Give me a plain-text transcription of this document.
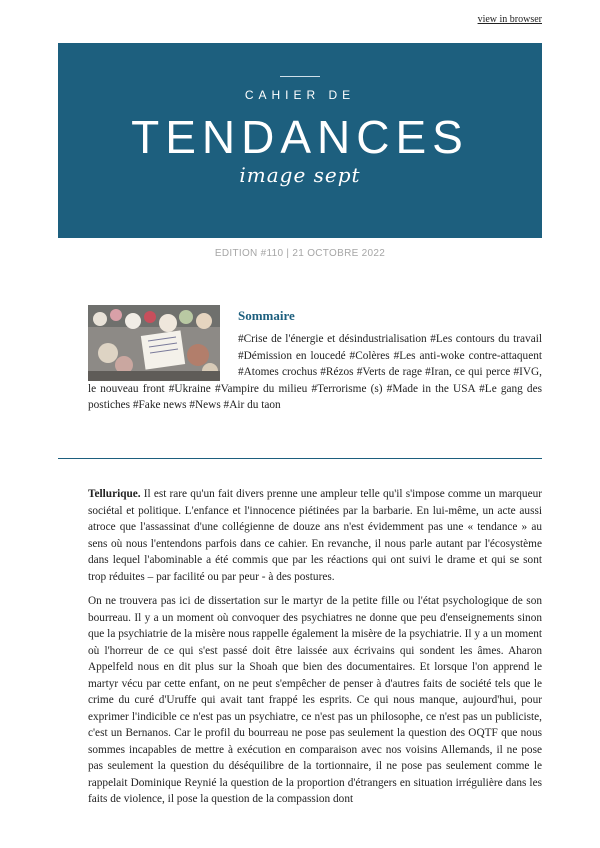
view in browser
CAHIER DE
TENDANCES
image sept
EDITION #110 | 21 OCTOBRE 2022
Sommaire
#Crise de l'énergie et désindustrialisation #Les contours du travail #Démission en loucedé #Colères #Les anti-woke contre-attaquent #Atomes crochus #Rézos #Verts de rage #Iran, ce qui perce #IVG, le nouveau front #Ukraine #Vampire du milieu #Terrorisme (s) #Made in the USA #Le gang des postiches #Fake news #News #Air du taon

Tellurique. Il est rare qu'un fait divers prenne une ampleur telle qu'il s'impose comme un marqueur sociétal et politique. L'enfance et l'innocence piétinées par la barbarie. En lui-même, un acte aussi atroce que l'assassinat d'une collégienne de douze ans n'est évidemment pas une « tendance » au sens où nous l'entendons parfois dans ce cahier. En revanche, il nous parle autant par l'écosystème dans lequel l'abominable a été commis que par les réactions qui ont suivi le drame et qui se sont trop réduites – par facilité ou par peur - à des postures.

On ne trouvera pas ici de dissertation sur le martyr de la petite fille ou l'état psychologique de son bourreau. Il y a un moment où convoquer des psychiatres ne donne que peu d'enseignements sinon que la psychiatrie de la misère nous rappelle également la misère de la psychiatrie. Il y a un moment où l'horreur de ce qui s'est passé doit être laissée aux écrivains qui sondent les âmes. Aharon Appelfeld nous en dit plus sur la Shoah que bien des documentaires. Et lorsque l'on apprend le martyr vécu par cette enfant, on ne peut s'empêcher de penser à d'autres faits de société tels que le crime du curé d'Uruffe qui avait tant frappé les esprits. Ce qui nous manque, aujourd'hui, pour exprimer l'indicible ce n'est pas un psychiatre, ce n'est pas un philosophe, ce n'est pas un publiciste, c'est un Bernanos. Car le profil du bourreau ne pose pas seulement la question des OQTF que nous sommes incapables de mettre à exécution en comparaison avec nos voisins Allemands, il ne pose pas seulement la question du déséquilibre de la tortionnaire, il ne pose pas seulement comme le rappelait Dominique Reynié la question de la proportion d'étrangers en situation irrégulière dans les faits de violence, il pose la question de la compassion dont
